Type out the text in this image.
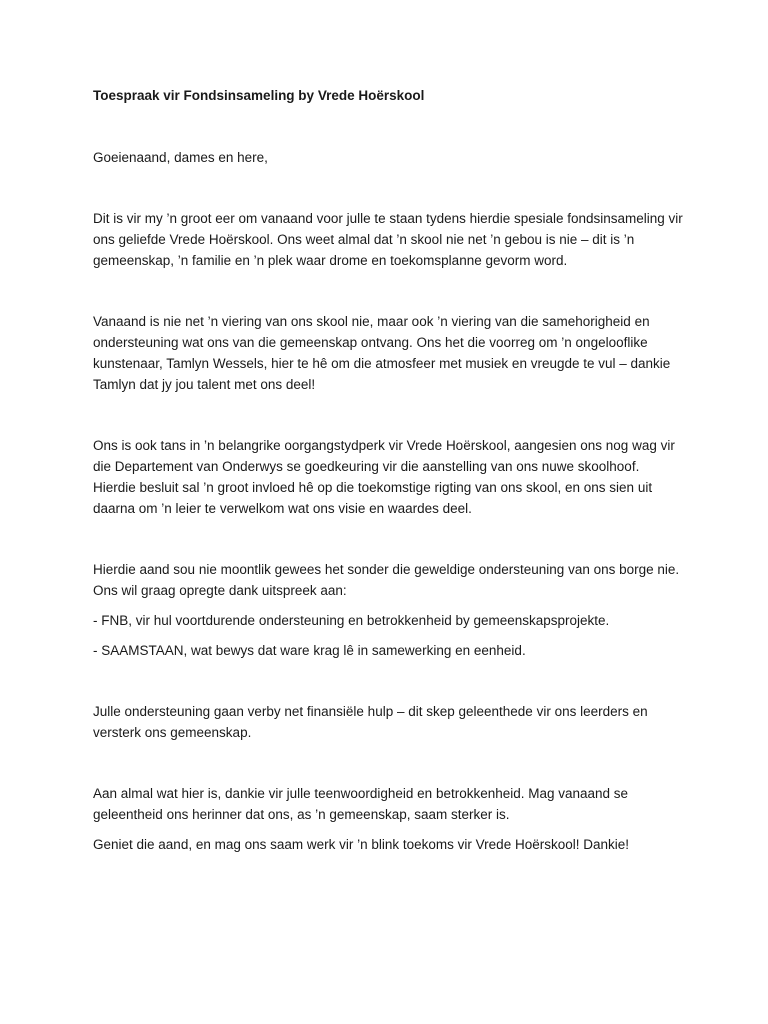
Toespraak vir Fondsinsameling by Vrede Hoërskool

Goeienaand, dames en here,

Dit is vir my ’n groot eer om vanaand voor julle te staan tydens hierdie spesiale fondsinsameling vir ons geliefde Vrede Hoërskool. Ons weet almal dat ’n skool nie net ’n gebou is nie – dit is ’n gemeenskap, ’n familie en ’n plek waar drome en toekomsplanne gevorm word.

Vanaand is nie net ’n viering van ons skool nie, maar ook ’n viering van die samehorigheid en ondersteuning wat ons van die gemeenskap ontvang. Ons het die voorreg om ’n ongelooflike kunstenaar, Tamlyn Wessels, hier te hê om die atmosfeer met musiek en vreugde te vul – dankie Tamlyn dat jy jou talent met ons deel!

Ons is ook tans in ’n belangrike oorgangstydperk vir Vrede Hoërskool, aangesien ons nog wag vir die Departement van Onderwys se goedkeuring vir die aanstelling van ons nuwe skoolhoof. Hierdie besluit sal ’n groot invloed hê op die toekomstige rigting van ons skool, en ons sien uit daarna om ’n leier te verwelkom wat ons visie en waardes deel.

Hierdie aand sou nie moontlik gewees het sonder die geweldige ondersteuning van ons borge nie. Ons wil graag opregte dank uitspreek aan:

- FNB, vir hul voortdurende ondersteuning en betrokkenheid by gemeenskapsprojekte.

- SAAMSTAAN, wat bewys dat ware krag lê in samewerking en eenheid.

Julle ondersteuning gaan verby net finansiële hulp – dit skep geleenthede vir ons leerders en versterk ons gemeenskap.

Aan almal wat hier is, dankie vir julle teenwoordigheid en betrokkenheid. Mag vanaand se geleentheid ons herinner dat ons, as ’n gemeenskap, saam sterker is.

Geniet die aand, en mag ons saam werk vir ’n blink toekoms vir Vrede Hoërskool! Dankie!
